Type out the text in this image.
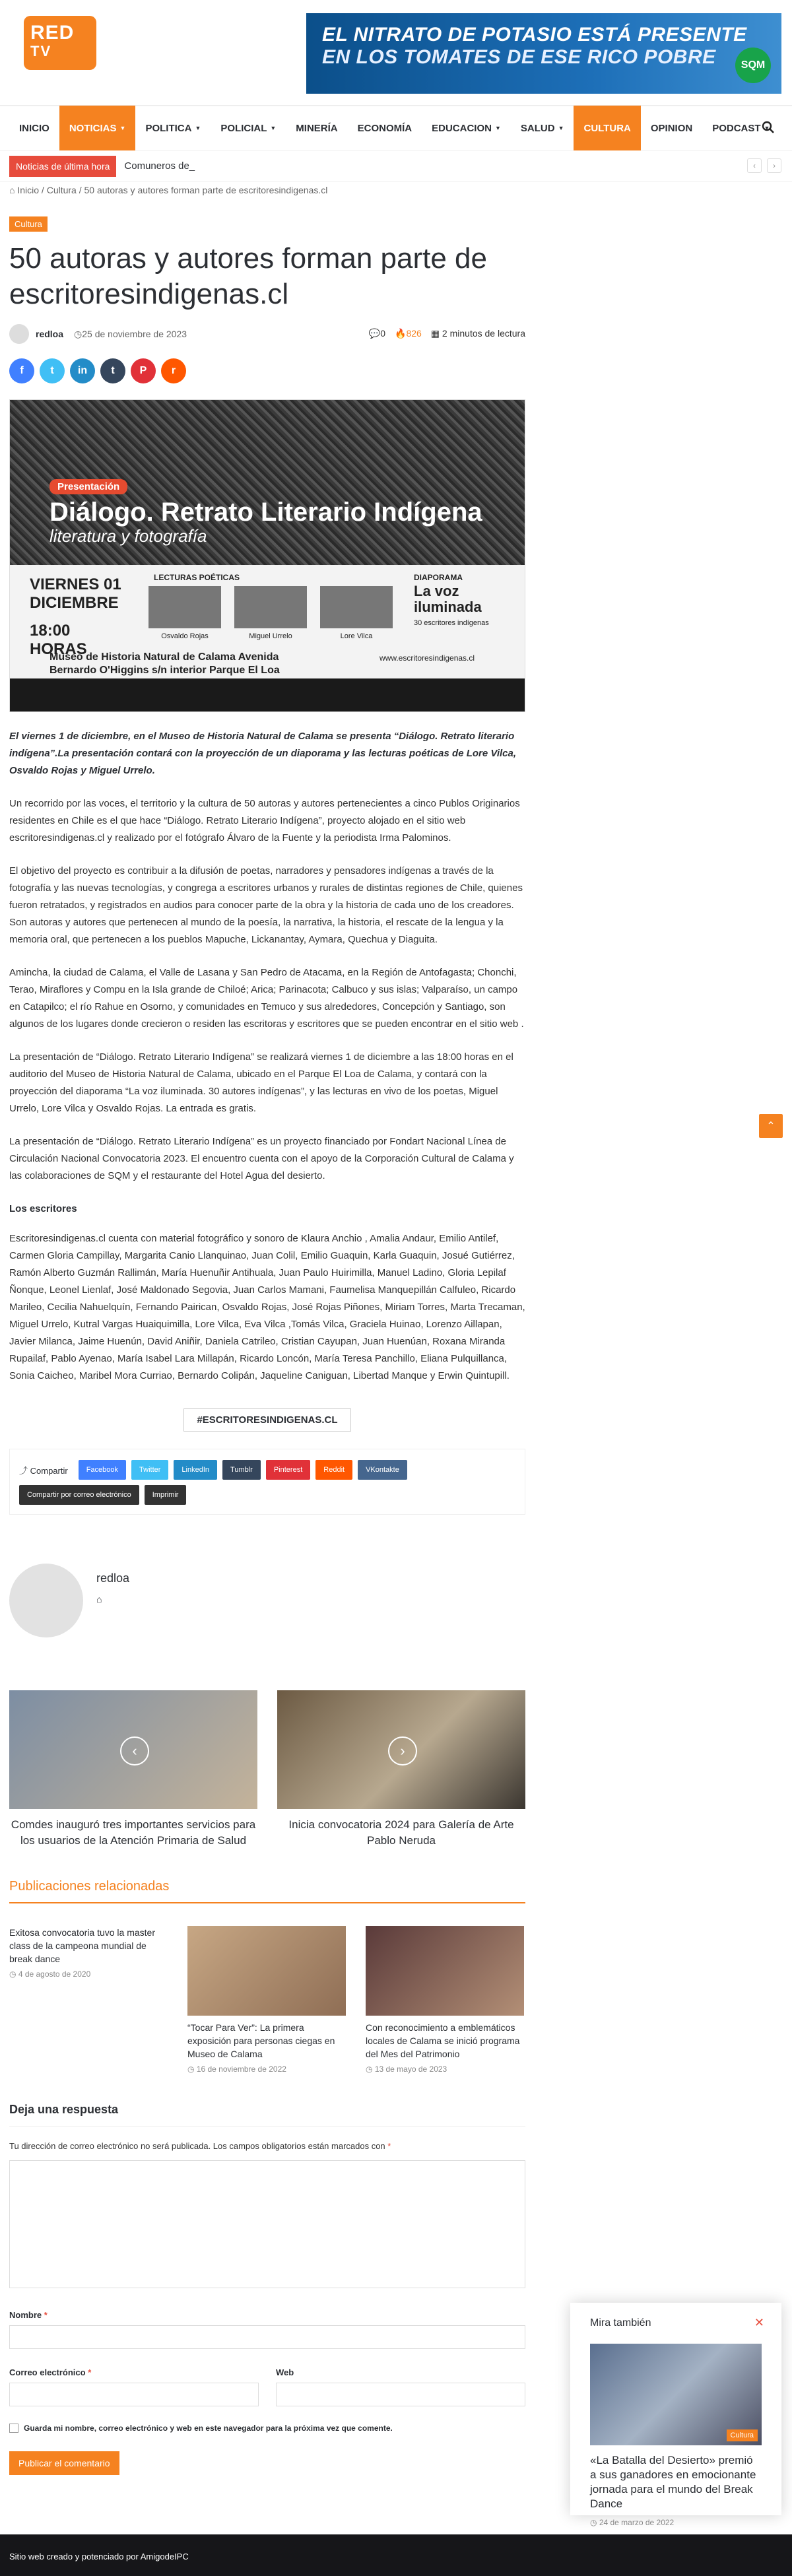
RED
TV
EL NITRATO DE POTASIO ESTÁ PRESENTE
EN LOS TOMATES DE ESE RICO POBRE	SQM
INICIO NOTICIAS ▼ POLITICA ▼ POLICIAL ▼ MINERÍA ECONOMÍA EDUCACION ▼ SALUD ▼ CULTURA OPINION PODCAST ▼
Noticias de última hora	Comuneros de_	‹	›
⌂ Inicio / Cultura / 50 autoras y autores forman parte de escritoresindigenas.cl
Cultura
50 autoras y autores forman parte de escritoresindigenas.cl
redloa ◷ 25 de noviembre de 2023	💬0 🔥826 ▦ 2 minutos de lectura
f	t	in	t	P	r
Presentación
Diálogo. Retrato Literario Indígena
literatura y fotografía
VIERNES 01 DICIEMBRE
18:00 HORAS
LECTURAS POÉTICAS
Osvaldo Rojas	Miguel Urrelo	Lore Vilca
DIAPORAMA
La voz iluminada
30 escritores indígenas
Museo de Historia Natural de Calama Avenida Bernardo O'Higgins s/n interior Parque El Loa
www.escritoresindigenas.cl

El viernes 1 de diciembre, en el Museo de Historia Natural de Calama se presenta “Diálogo. Retrato literario indígena”.La presentación contará con la proyección de un diaporama y las lecturas poéticas de Lore Vilca, Osvaldo Rojas y Miguel Urrelo.

Un recorrido por las voces, el territorio y la cultura de 50 autoras y autores pertenecientes a cinco Publos Originarios residentes en Chile es el que hace “Diálogo. Retrato Literario Indígena”, proyecto alojado en el sitio web escritoresindigenas.cl y realizado por el fotógrafo Álvaro de la Fuente y la periodista Irma Palominos.

El objetivo del proyecto es contribuir a la difusión de poetas, narradores y pensadores indígenas a través de la fotografía y las nuevas tecnologías, y congrega a escritores urbanos y rurales de distintas regiones de Chile, quienes fueron retratados, y registrados en audios para conocer parte de la obra y la historia de cada uno de los creadores. Son autoras y autores que pertenecen al mundo de la poesía, la narrativa, la historia, el rescate de la lengua y la memoria oral, que pertenecen a los pueblos Mapuche, Lickanantay, Aymara, Quechua y Diaguita.

Amincha, la ciudad de Calama, el Valle de Lasana y San Pedro de Atacama, en la Región de Antofagasta; Chonchi, Terao, Miraflores y Compu en la Isla grande de Chiloé; Arica; Parinacota; Calbuco y sus islas; Valparaíso, un campo en Catapilco; el río Rahue en Osorno, y comunidades en Temuco y sus alrededores, Concepción y Santiago, son algunos de los lugares donde crecieron o residen las escritoras y escritores que se pueden encontrar en el sitio web .

La presentación de “Diálogo. Retrato Literario Indígena” se realizará viernes 1 de diciembre a las 18:00 horas en el auditorio del Museo de Historia Natural de Calama, ubicado en el Parque El Loa de Calama, y contará con la proyección del diaporama “La voz iluminada. 30 autores indígenas”, y las lecturas en vivo de los poetas, Miguel Urrelo, Lore Vilca y Osvaldo Rojas. La entrada es gratis.

La presentación de “Diálogo. Retrato Literario Indígena” es un proyecto financiado por Fondart Nacional Línea de Circulación Nacional Convocatoria 2023. El encuentro cuenta con el apoyo de la Corporación Cultural de Calama y las colaboraciones de SQM y el restaurante del Hotel Agua del desierto.

Los escritores

Escritoresindigenas.cl cuenta con material fotográfico y sonoro de Klaura Anchio , Amalia Andaur, Emilio Antilef, Carmen Gloria Campillay, Margarita Canio Llanquinao, Juan Colil, Emilio Guaquin, Karla Guaquin, Josué Gutiérrez, Ramón Alberto Guzmán Rallimán, María Huenuñir Antihuala, Juan Paulo Huirimilla, Manuel Ladino, Gloria Lepilaf Ñonque, Leonel Lienlaf, José Maldonado Segovia, Juan Carlos Mamani, Faumelisa Manquepillán Calfuleo, Ricardo Marileo, Cecilia Nahuelquín, Fernando Pairican, Osvaldo Rojas, José Rojas Piñones, Miriam Torres, Marta Trecaman, Miguel Urrelo, Kutral Vargas Huaiquimilla, Lore Vilca, Eva Vilca ,Tomás Vilca, Graciela Huinao, Lorenzo Aillapan, Javier Milanca, Jaime Huenún, David Aniñir, Daniela Catrileo, Cristian Cayupan, Juan Huenúan, Roxana Miranda Rupailaf, Pablo Ayenao, María Isabel Lara Millapán, Ricardo Loncón, María Teresa Panchillo, Eliana Pulquillanca, Sonia Caicheo, Maribel Mora Curriao, Bernardo Colipán, Jaqueline Caniguan, Libertad Manque y Erwin Quintupill.

#ESCRITORESINDIGENAS.CL
⤴ Compartir	Facebook	Twitter	LinkedIn	Tumblr	Pinterest	Reddit	VKontakte
Compartir por correo electrónico	Imprimir
redloa
⌂
‹
Comdes inauguró tres importantes servicios para los usuarios de la Atención Primaria de Salud
›
Inicia convocatoria 2024 para Galería de Arte Pablo Neruda
Publicaciones relacionadas
Exitosa convocatoria tuvo la master class de la campeona mundial de break dance
◷ 4 de agosto de 2020
“Tocar Para Ver”: La primera exposición para personas ciegas en Museo de Calama
◷ 16 de noviembre de 2022
Con reconocimiento a emblemáticos locales de Calama se inició programa del Mes del Patrimonio
◷ 13 de mayo de 2023
Deja una respuesta
Tu dirección de correo electrónico no será publicada. Los campos obligatorios están marcados con *
Nombre *
Correo electrónico *	Web
Guarda mi nombre, correo electrónico y web en este navegador para la próxima vez que comente.
Publicar el comentario
⌃
Mira también	✕
Cultura
«La Batalla del Desierto» premió a sus ganadores en emocionante jornada para el mundo del Break Dance
◷ 24 de marzo de 2022
Sitio web creado y potenciado por AmigodeIPC
